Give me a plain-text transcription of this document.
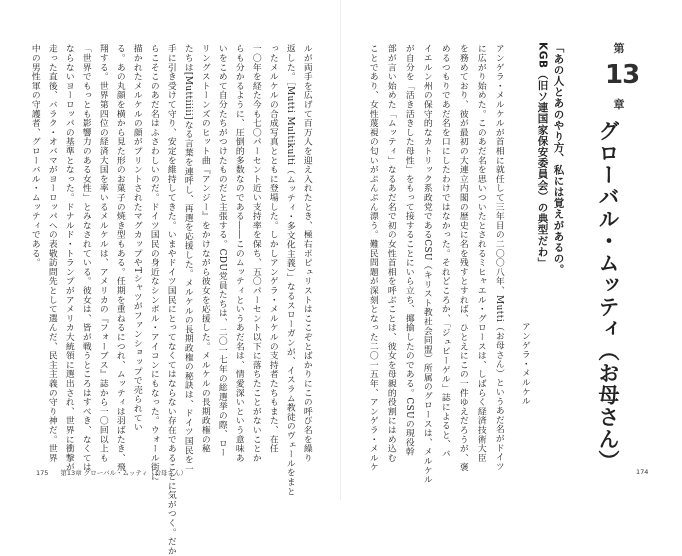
第
13
章
グローバル・ムッティ（お母さん）
「あの人とあのやり方、私には覚えがあるの。
KGB（旧ソ連国家保安委員会）の典型だわ」
アンゲラ・メルケル
アンゲラ・メルケルが首相に就任して三年目の二〇〇八年、Mutti（お母さん）というあだ名がドイツ
に広がり始めた。このあだ名を思いついたとされるミヒャエル・グロースは、しばらく経済技術大臣
を務めており、彼が最初の大連立内閣の歴史に名を残すとすれば、ひとえにこの一件ゆえだろうが、褒
めるつもりであだ名を口にしたわけではなかった。それどころか、「ジュビーゲル」誌によると、バ
イエルン州の保守的なカトリック系政党であるCSU（キリスト教社会同盟）所属のグロースは、メルケル
が自分を「活き活きした母性」をもって接することにいら立ち、揶揄したのである。CSUの現役幹
部が言い始めた「ムッティ」なるあだ名で初の女性首相を呼ぶことは、彼女を母親的役割にはめ込む
ことであり、女性蔑視の匂いがぷんぷん漂う。難民問題が深刻となった二〇一五年、アンゲラ・メルケ
174
ルが両手を広げて百万人を迎え入れたとき、極右ポピュリストはここぞとばかりにこの呼び名を繰り
返した。［Mutti Multikulti（ムッティ・多文化主義）」なるスローガンが、イスラム教徒のヴェールをまと
ったメルケルの合成写真とともに登場した。しかしアンゲラ・メルケルの支持者たちもまた、在任
一〇年を経た今も七〇パーセント近い支持率を保ち、五〇パーセント以下に落ちたことがないことか
らも分かるように、圧倒的多数なのである――このムッティというあだ名は、情愛深いという意味あ
いをこめて自分たちがつけたものだと主張する。CDU党員たちは、二〇一七年の総選挙の際、ロー
リングストーンズのヒット曲『アンジー』をかけながら彼女を応援した。メルケルの長期政権の秘
たちは[Muttiiiii]なる言葉を連呼し、再選を応援した。メルケルの長期政権の秘訣は、ドイツ国民を一
手に引き受けて守り、安定を維持してきた。いまやドイツ国民にとってなくてはならない存在であることに気がつく。だか
らこそこのあだ名はふさわしいのだ。ドイツ国民の身近なシンボル・アイコンにもなった。ウォール街に
描かれたメルケルの顔がプリントされたマグカップやTシャツがファンショップで売られてい
る。あの丸顔を横から見た形のお菓子の焼き型もある。任期を重ねるにつれ、ムッティは羽ばたき、飛
翔する。世界第四位の経済大国を率いるメルケルは、アメリカの『フォーブス』誌から一〇回以上も
「世界でもっとも影響力のある女性」とみなされている。彼女は、皆が戦うところはすべき、なくては
ならないヨーロッパの基準となった。ドナルド・トランプがアメリカ大統領に選出され、世界に衝撃が
走った直後、バラク・オバマがヨーロッパへの表敬訪問先として選んだ、民主主義の守り神だ。世界
中の男性軍の守護者、グローバル・ムッティである。
175 第13章 グローバル・ムッティ（お母さん）
